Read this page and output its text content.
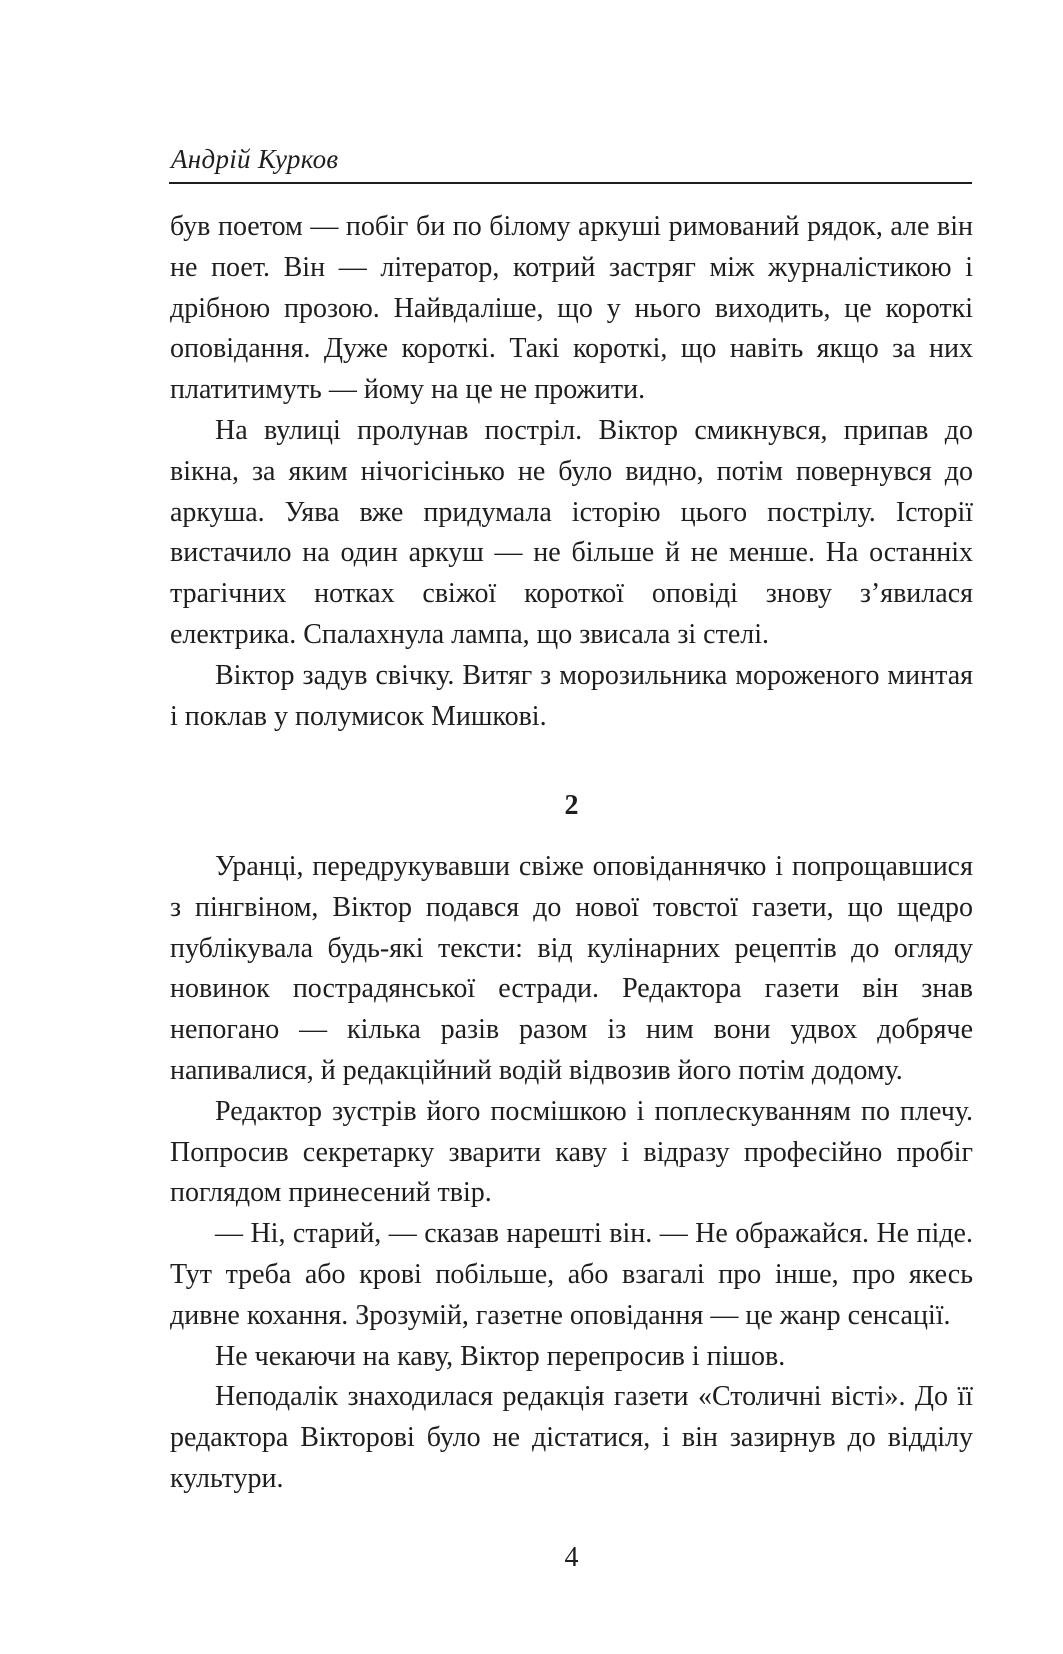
Андрій Курков

був поетом — побіг би по білому аркуші римований рядок, але він не поет. Він — літератор, котрий застряг між журналістикою і дрібною прозою. Найвдаліше, що у нього виходить, це короткі оповідання. Дуже короткі. Такі короткі, що навіть якщо за них платитимуть — йому на це не прожити.

На вулиці пролунав постріл. Віктор смикнувся, припав до вікна, за яким нічогісінько не було видно, потім повернувся до аркуша. Уява вже придумала історію цього пострілу. Історії вистачило на один аркуш — не більше й не менше. На останніх трагічних нотках свіжої короткої оповіді знову з’явилася електрика. Спалахнула лампа, що звисала зі стелі.

Віктор задув свічку. Витяг з морозильника мороженого минтая і поклав у полумисок Мишкові.

2

Уранці, передрукувавши свіже оповіданнячко і попрощавшися з пінгвіном, Віктор подався до нової товстої газети, що щедро публікувала будь-які тексти: від кулінарних рецептів до огляду новинок пострадянської естради. Редактора газети він знав непогано — кілька разів разом із ним вони удвох добряче напивалися, й редакційний водій відвозив його потім додому.

Редактор зустрів його посмішкою і поплескуванням по плечу. Попросив секретарку зварити каву і відразу професійно пробіг поглядом принесений твір.

— Ні, старий, — сказав нарешті він. — Не ображайся. Не піде. Тут треба або крові побільше, або взагалі про інше, про якесь дивне кохання. Зрозумій, газетне оповідання — це жанр сенсації.

Не чекаючи на каву, Віктор перепросив і пішов.

Неподалік знаходилася редакція газети «Столичні вісті». До її редактора Вікторові було не дістатися, і він зазирнув до відділу культури.

4
